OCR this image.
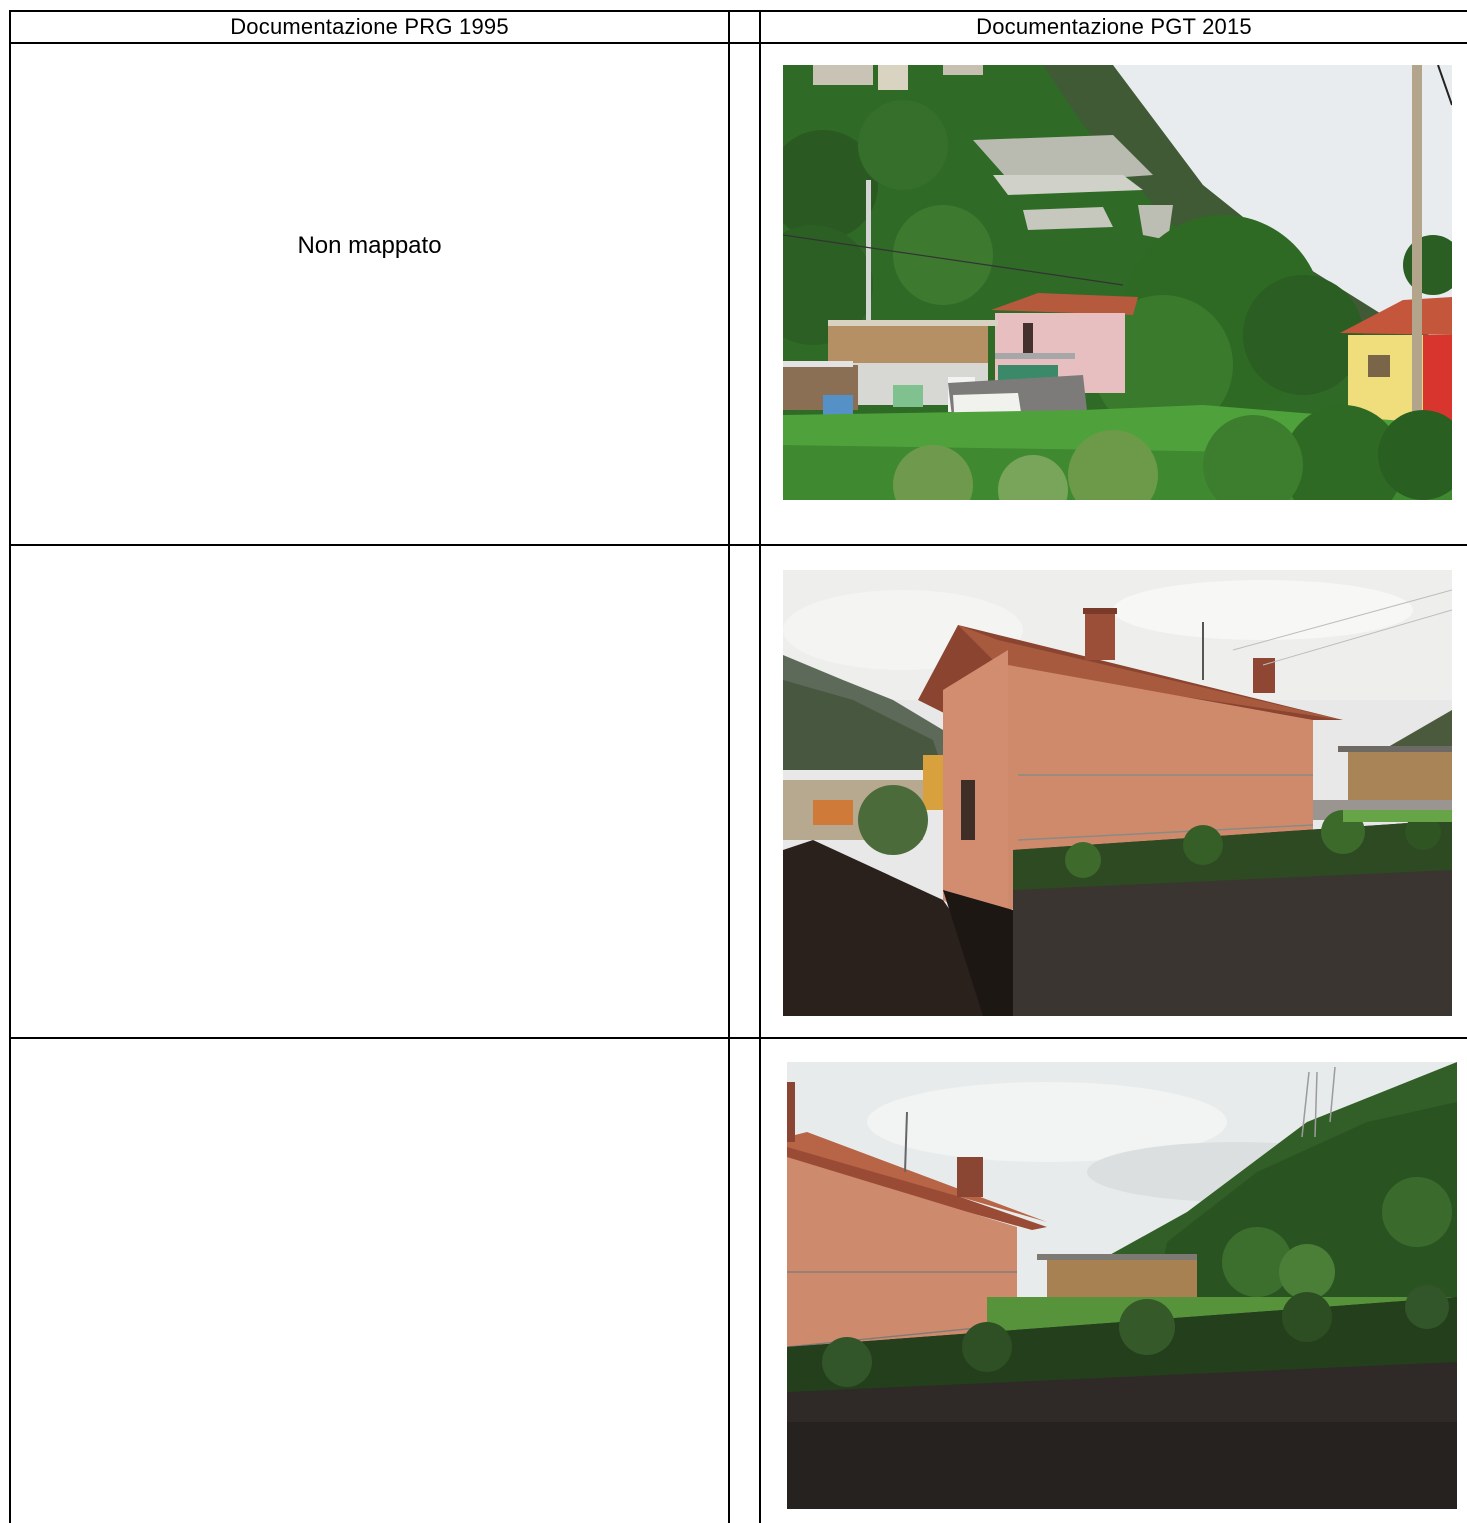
Documentazione PRG 1995	Documentazione PGT 2015
Non mappato
